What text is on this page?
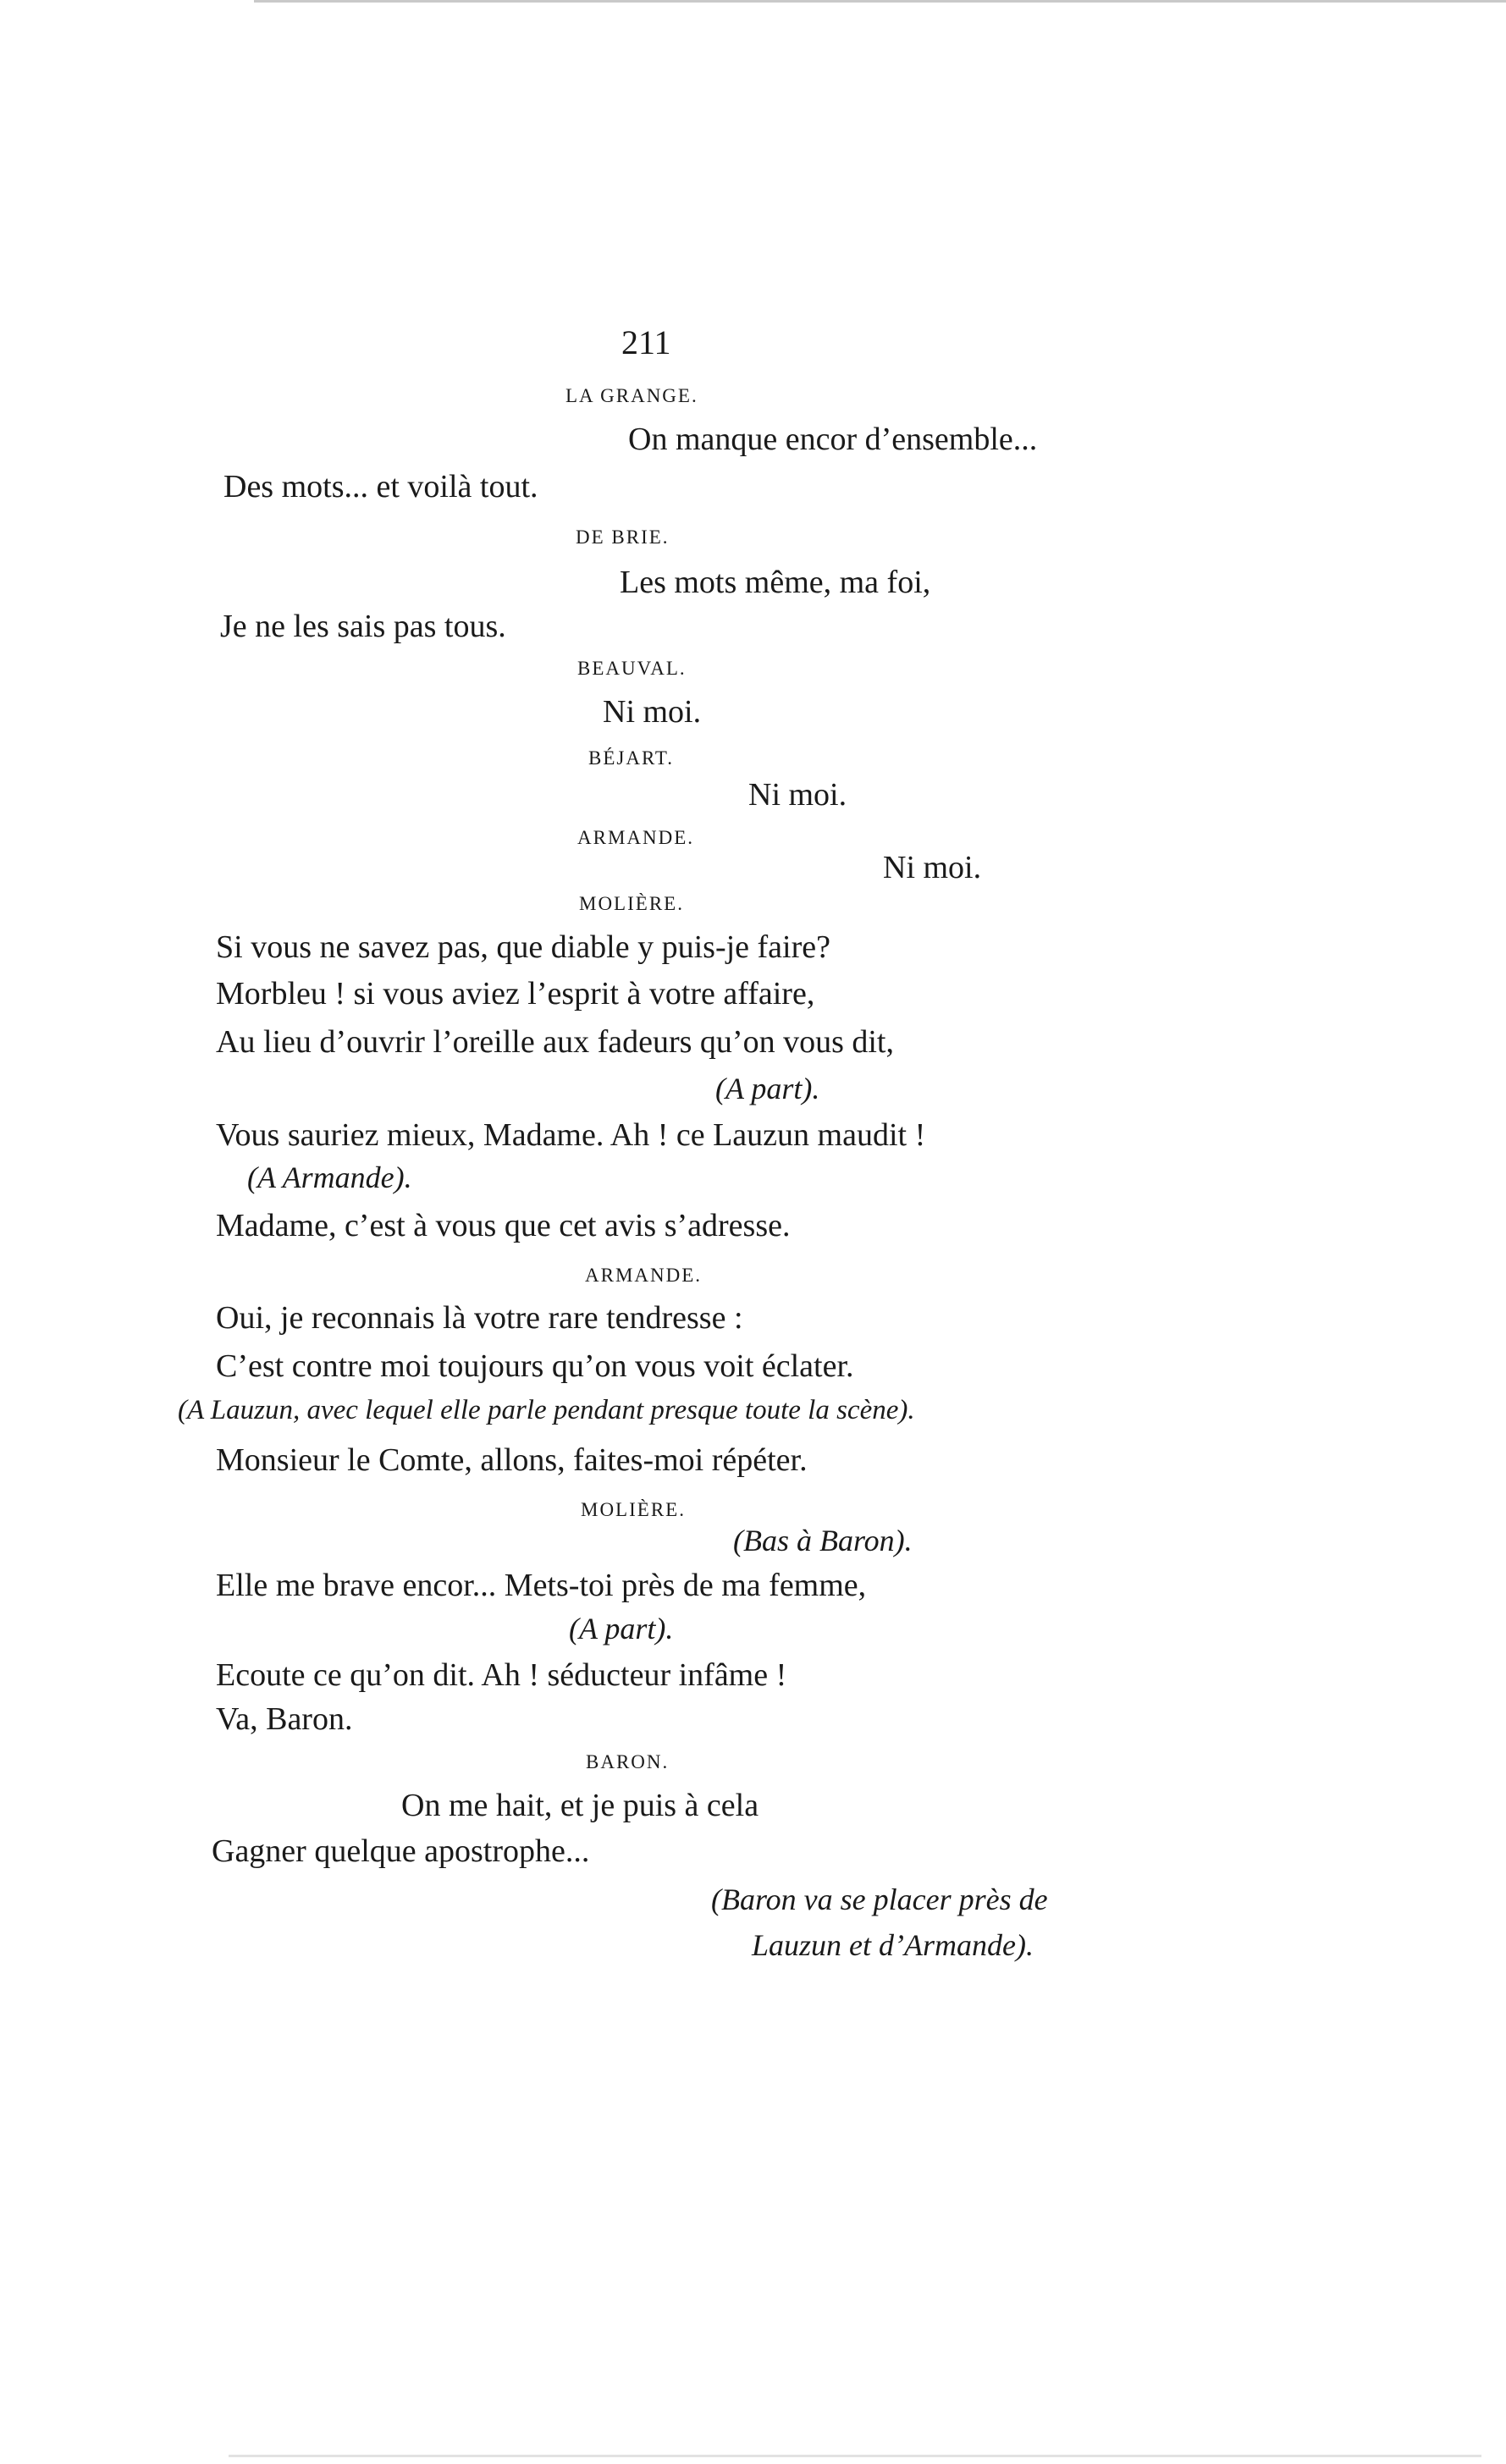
211
LA GRANGE.
On manque encor d’ensemble...
Des mots... et voilà tout.
DE BRIE.
Les mots même, ma foi,
Je ne les sais pas tous.
BEAUVAL.
Ni moi.
BÉJART.
Ni moi.
ARMANDE.
Ni moi.
MOLIÈRE.
Si vous ne savez pas, que diable y puis-je faire?
Morbleu ! si vous aviez l’esprit à votre affaire,
Au lieu d’ouvrir l’oreille aux fadeurs qu’on vous dit,
(A part).
Vous sauriez mieux, Madame. Ah ! ce Lauzun maudit !
(A Armande).
Madame, c’est à vous que cet avis s’adresse.
ARMANDE.
Oui, je reconnais là votre rare tendresse :
C’est contre moi toujours qu’on vous voit éclater.
(A Lauzun, avec lequel elle parle pendant presque toute la scène).
Monsieur le Comte, allons, faites-moi répéter.
MOLIÈRE.
(Bas à Baron).
Elle me brave encor... Mets-toi près de ma femme,
(A part).
Ecoute ce qu’on dit. Ah ! séducteur infâme !
Va, Baron.
BARON.
On me hait, et je puis à cela
Gagner quelque apostrophe...
(Baron va se placer près de
Lauzun et d’Armande).
